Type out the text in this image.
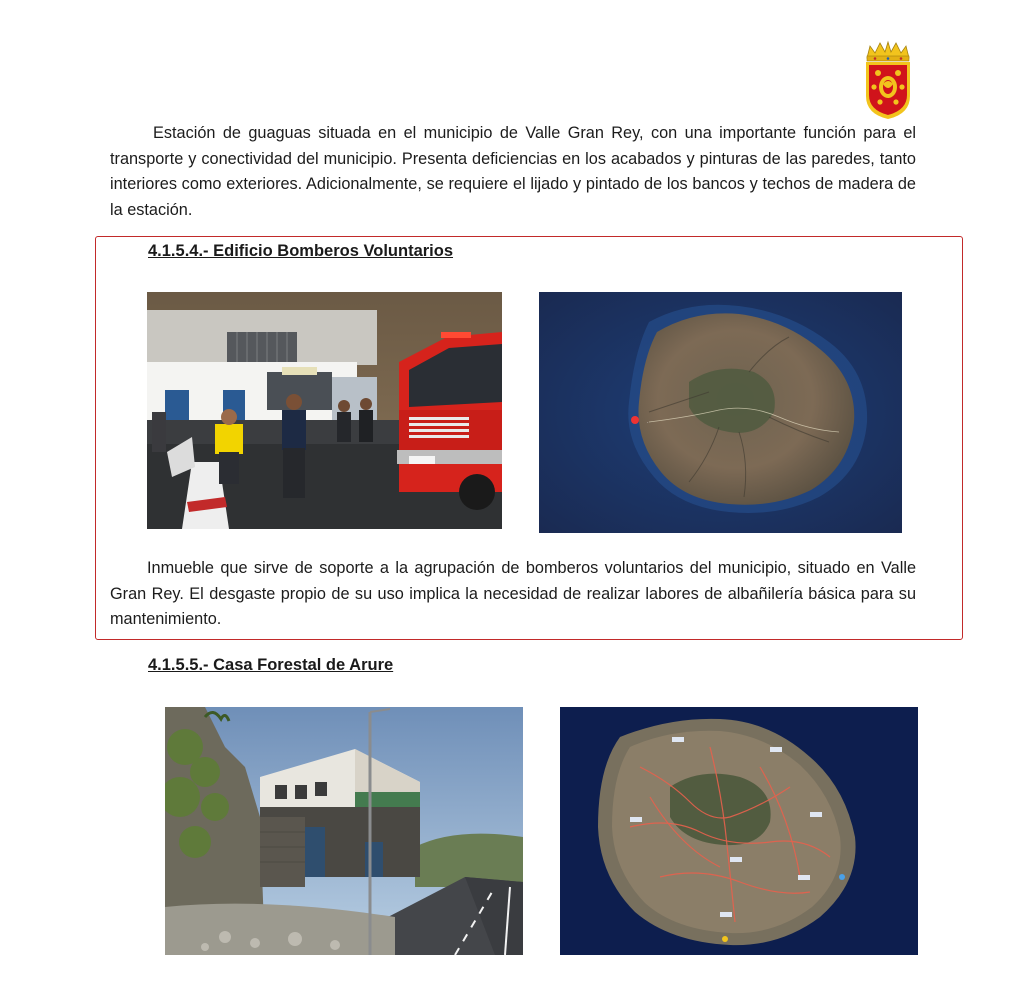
Estación de guaguas situada en el municipio de Valle Gran Rey, con una importante función para el transporte y conectividad del municipio. Presenta deficiencias en los acabados y pinturas de las paredes, tanto interiores como exteriores. Adicionalmente, se requiere el lijado y pintado de los bancos y techos de madera de la estación.

4.1.5.4.- Edificio Bomberos Voluntarios
·

Inmueble que sirve de soporte a la agrupación de bomberos voluntarios del municipio, situado en Valle Gran Rey. El desgaste propio de su uso implica la necesidad de realizar labores de albañilería básica para su mantenimiento.

4.1.5.5.- Casa Forestal de Arure
